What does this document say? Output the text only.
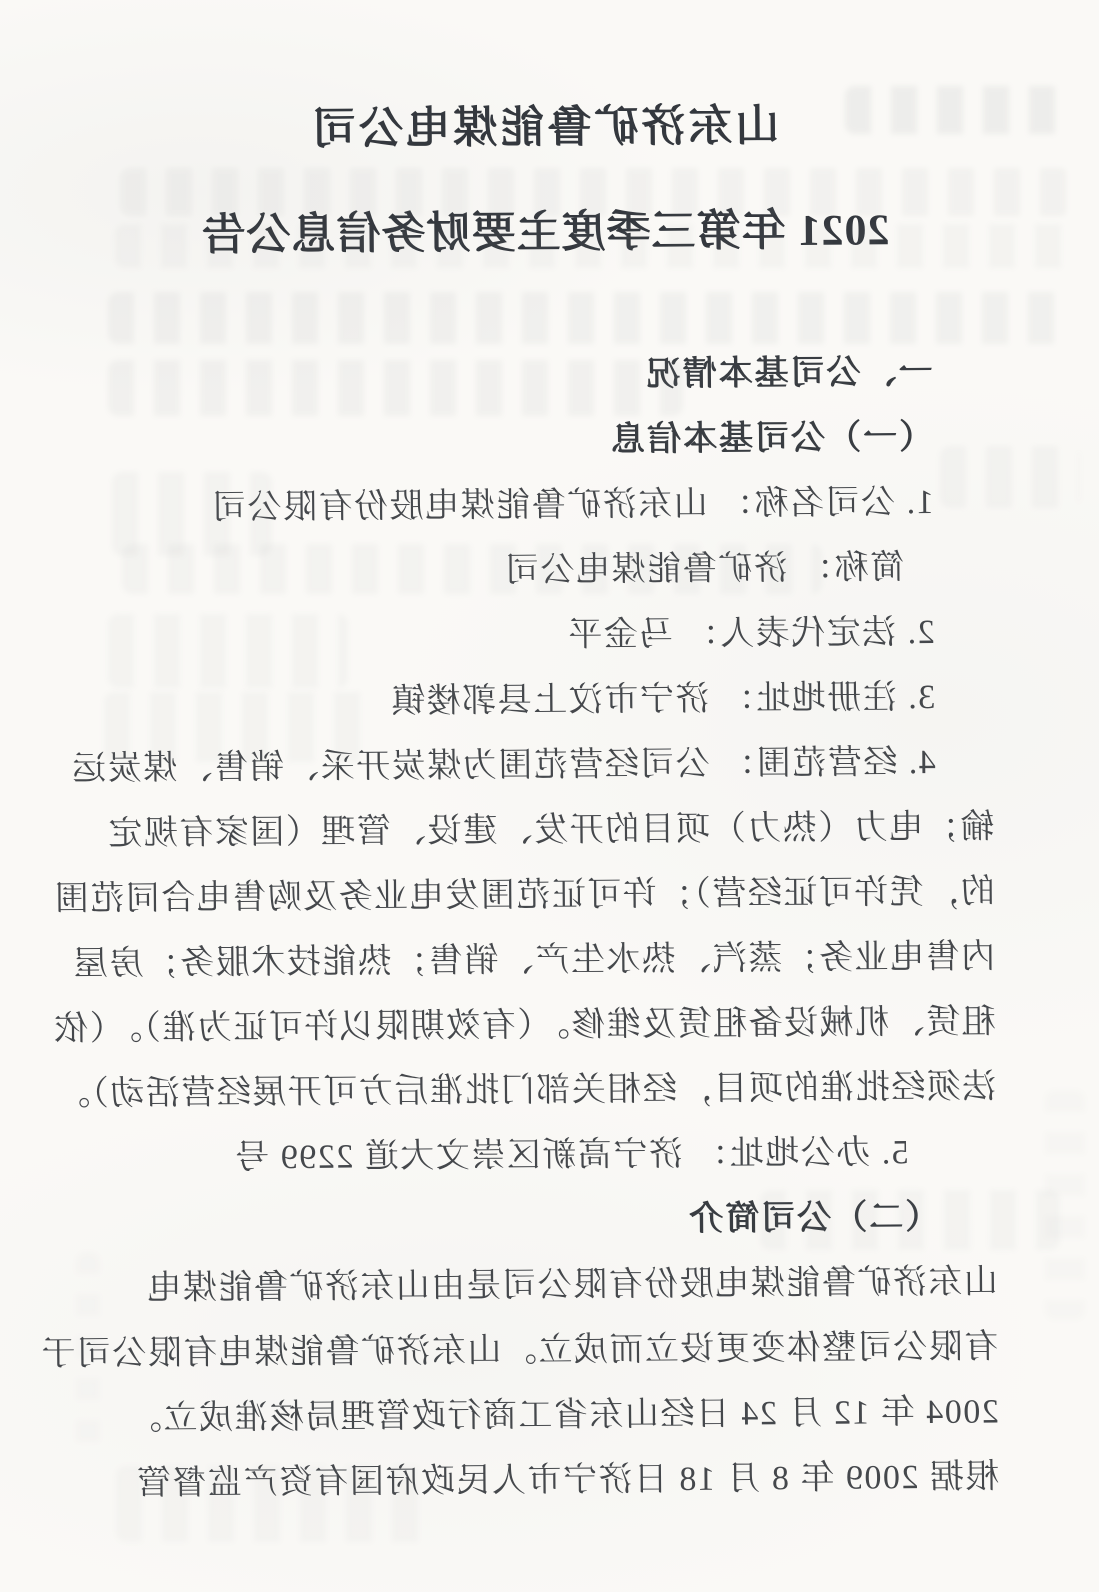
山东济矿鲁能煤电公司
2021 年第三季度主要财务信息公告
一、公司基本情况
（一）公司基本信息
1. 公司名称： 山东济矿鲁能煤电股份有限公司
简称： 济矿鲁能煤电公司
2. 法定代表人： 马金平
3. 注册地址： 济宁市汶上县郭楼镇
4. 经营范围： 公司经营范围为煤炭开采、销售、煤炭运
输；电力（热力）项目的开发、建设、管理（国家有规定
的，凭许可证经营）；许可证范围发电业务及购售电合同范围
内售电业务；蒸汽、热水生产、销售；热能技术服务；房屋
租赁、机械设备租赁及维修。（有效期限以许可证为准）。（依
法须经批准的项目，经相关部门批准后方可开展经营活动）。
5. 办公地址： 济宁高新区崇文大道 2299 号
（二）公司简介
山东济矿鲁能煤电股份有限公司是由山东济矿鲁能煤电
有限公司整体变更设立而成立。山东济矿鲁能煤电有限公司于
2004 年 12 月 24 日经山东省工商行政管理局核准成立。
根据 2009 年 8 月 18 日济宁市人民政府国有资产监督管
